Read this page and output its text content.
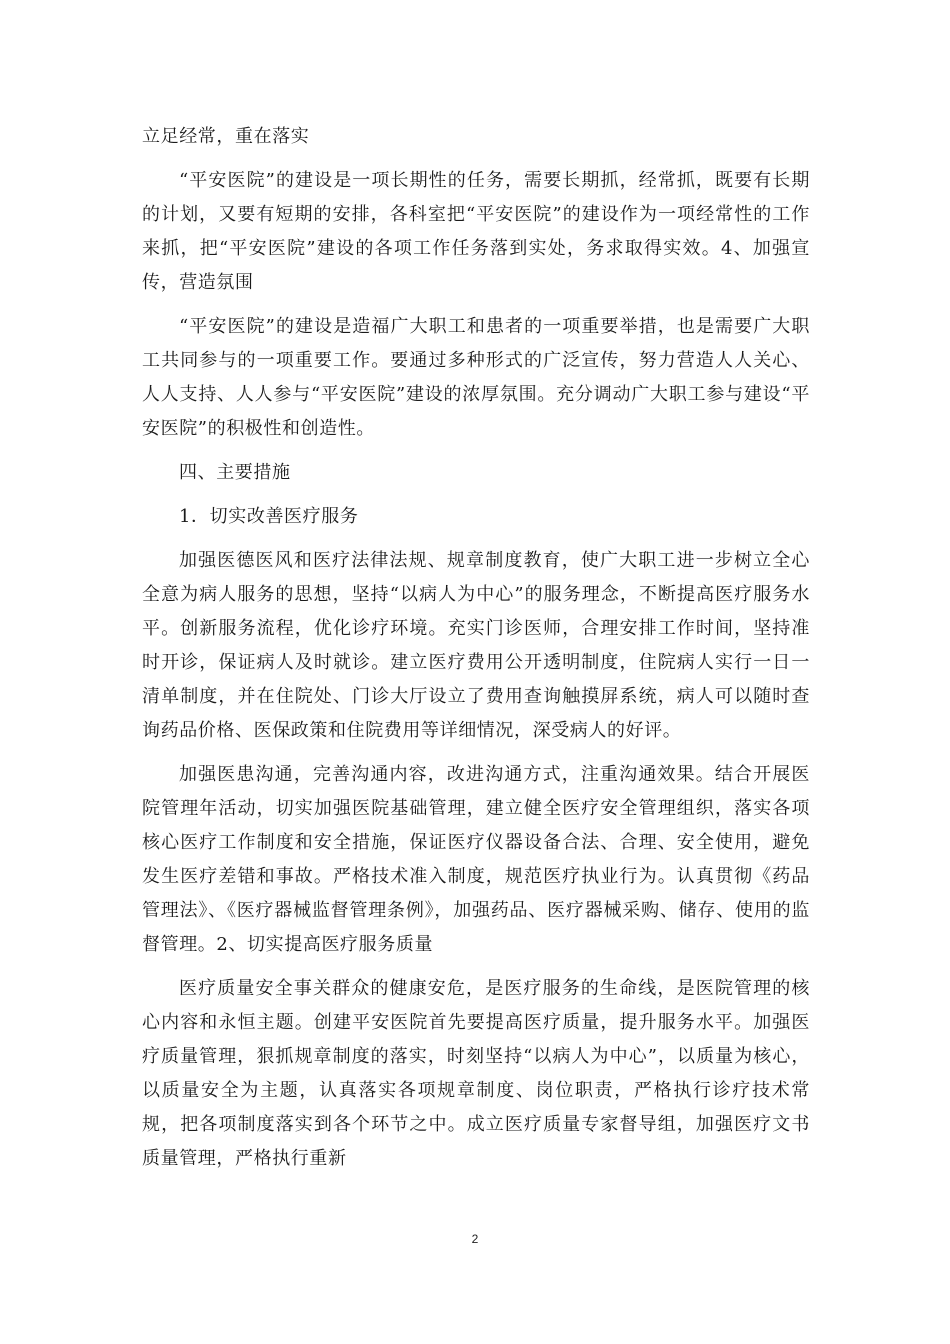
立足经常，重在落实

“平安医院”的建设是一项长期性的任务，需要长期抓，经常抓，既要有长期的计划，又要有短期的安排，各科室把“平安医院”的建设作为一项经常性的工作来抓，把“平安医院”建设的各项工作任务落到实处，务求取得实效。4、加强宣传，营造氛围

“平安医院”的建设是造福广大职工和患者的一项重要举措，也是需要广大职工共同参与的一项重要工作。要通过多种形式的广泛宣传，努力营造人人关心、人人支持、人人参与“平安医院”建设的浓厚氛围。充分调动广大职工参与建设“平安医院”的积极性和创造性。

四、主要措施

1．切实改善医疗服务

加强医德医风和医疗法律法规、规章制度教育，使广大职工进一步树立全心全意为病人服务的思想，坚持“以病人为中心”的服务理念，不断提高医疗服务水平。创新服务流程，优化诊疗环境。充实门诊医师，合理安排工作时间，坚持准时开诊，保证病人及时就诊。建立医疗费用公开透明制度，住院病人实行一日一清单制度，并在住院处、门诊大厅设立了费用查询触摸屏系统，病人可以随时查询药品价格、医保政策和住院费用等详细情况，深受病人的好评。

加强医患沟通，完善沟通内容，改进沟通方式，注重沟通效果。结合开展医院管理年活动，切实加强医院基础管理，建立健全医疗安全管理组织，落实各项核心医疗工作制度和安全措施，保证医疗仪器设备合法、合理、安全使用，避免发生医疗差错和事故。严格技术准入制度，规范医疗执业行为。认真贯彻《药品管理法》、《医疗器械监督管理条例》，加强药品、医疗器械采购、储存、使用的监督管理。2、切实提高医疗服务质量

医疗质量安全事关群众的健康安危，是医疗服务的生命线，是医院管理的核心内容和永恒主题。创建平安医院首先要提高医疗质量，提升服务水平。加强医疗质量管理，狠抓规章制度的落实，时刻坚持“以病人为中心”，以质量为核心，以质量安全为主题，认真落实各项规章制度、岗位职责，严格执行诊疗技术常规，把各项制度落实到各个环节之中。成立医疗质量专家督导组，加强医疗文书质量管理，严格执行重新

2
